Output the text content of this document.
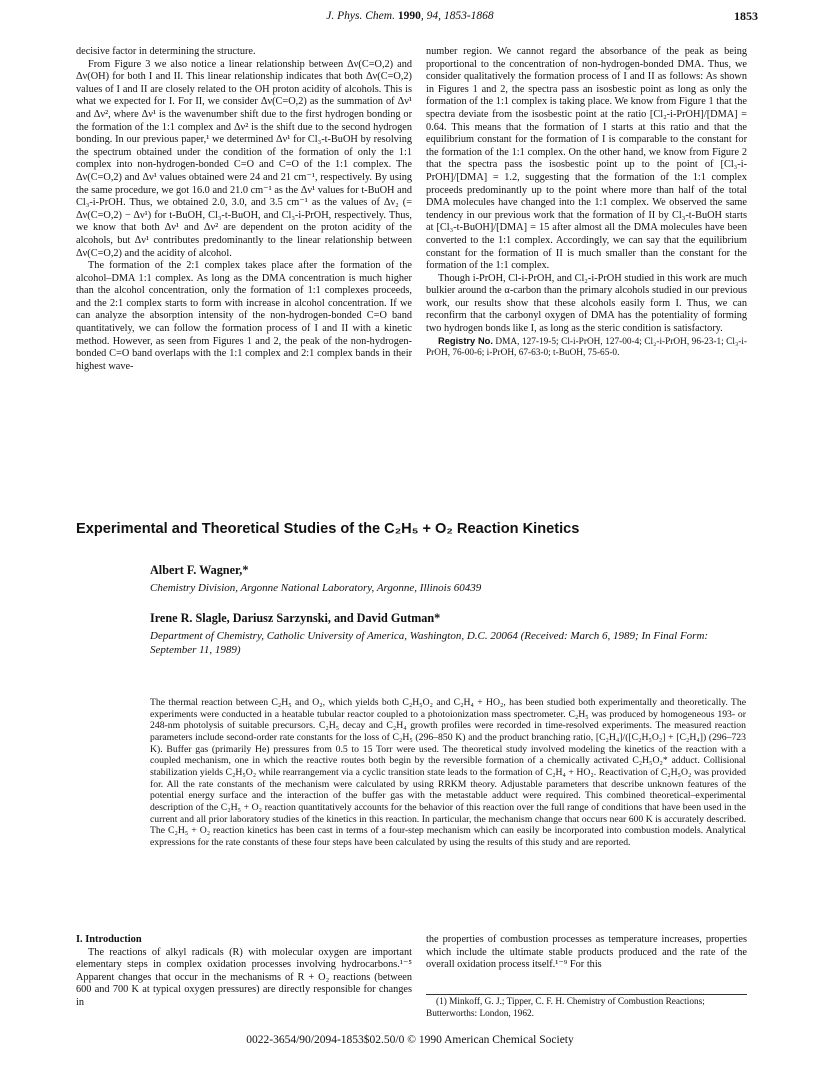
J. Phys. Chem. 1990, 94, 1853-1868	1853

decisive factor in determining the structure.

From Figure 3 we also notice a linear relationship between Δν(C=O,2) and Δν(OH) for both I and II. This linear relationship indicates that both Δν(C=O,2) values of I and II are closely related to the OH proton acidity of alcohols. This is what we expected for I. For II, we consider Δν(C=O,2) as the summation of Δν¹ and Δν², where Δν¹ is the wavenumber shift due to the first hydrogen bonding or the formation of the 1:1 complex and Δν² is the shift due to the second hydrogen bonding. In our previous paper,¹ we determined Δν¹ for Cl₃-t-BuOH by resolving the spectrum obtained under the condition of the formation of only the 1:1 complex into non-hydrogen-bonded C=O and C=O of the 1:1 complex. The Δν(C=O,2) and Δν¹ values obtained were 24 and 21 cm⁻¹, respectively. By using the same procedure, we got 16.0 and 21.0 cm⁻¹ as the Δν¹ values for t-BuOH and Cl₃-i-PrOH. Thus, we obtained 2.0, 3.0, and 3.5 cm⁻¹ as the values of Δν₂ (= Δν(C=O,2) − Δν¹) for t-BuOH, Cl₃-t-BuOH, and Cl₃-i-PrOH, respectively. Thus, we know that both Δν¹ and Δν² are dependent on the proton acidity of the alcohols, but Δν¹ contributes predominantly to the linear relationship between Δν(C=O,2) and the acidity of alcohol.

The formation of the 2:1 complex takes place after the formation of the alcohol–DMA 1:1 complex. As long as the DMA concentration is much higher than the alcohol concentration, only the formation of 1:1 complexes proceeds, and the 2:1 complex starts to form with increase in alcohol concentration. If we can analyze the absorption intensity of the non-hydrogen-bonded C=O band quantitatively, we can follow the formation process of I and II with a kinetic method. However, as seen from Figures 1 and 2, the peak of the non-hydrogen-bonded C=O band overlaps with the 1:1 complex and 2:1 complex bands in their highest wave-

number region. We cannot regard the absorbance of the peak as being proportional to the concentration of non-hydrogen-bonded DMA. Thus, we consider qualitatively the formation process of I and II as follows: As shown in Figures 1 and 2, the spectra pass an isosbestic point as long as only the formation of the 1:1 complex is taking place. We know from Figure 1 that the spectra deviate from the isosbestic point at the ratio [Cl₂-i-PrOH]/[DMA] = 0.64. This means that the formation of I starts at this ratio and that the equilibrium constant for the formation of I is comparable to the constant for the formation of the 1:1 complex. On the other hand, we know from Figure 2 that the spectra pass the isosbestic point up to the point of [Cl₃-i-PrOH]/[DMA] = 1.2, suggesting that the formation of the 1:1 complex proceeds predominantly up to the point where more than half of the total DMA molecules have changed into the 1:1 complex. We observed the same tendency in our previous work that the formation of II by Cl₃-t-BuOH starts at [Cl₃-t-BuOH]/[DMA] = 15 after almost all the DMA molecules have been converted to the 1:1 complex. Accordingly, we can say that the equilibrium constant for the formation of II is much smaller than the constant for the formation of the 1:1 complex.

Though i-PrOH, Cl-i-PrOH, and Cl₂-i-PrOH studied in this work are much bulkier around the α-carbon than the primary alcohols studied in our previous work, our results show that these alcohols easily form I. Thus, we can reconfirm that the carbonyl oxygen of DMA has the potentiality of forming two hydrogen bonds like I, as long as the steric condition is satisfactory.

Registry No. DMA, 127-19-5; Cl-i-PrOH, 127-00-4; Cl₂-i-PrOH, 96-23-1; Cl₃-i-PrOH, 76-00-6; i-PrOH, 67-63-0; t-BuOH, 75-65-0.

Experimental and Theoretical Studies of the C₂H₅ + O₂ Reaction Kinetics
Albert F. Wagner,*
Chemistry Division, Argonne National Laboratory, Argonne, Illinois 60439
Irene R. Slagle, Dariusz Sarzynski, and David Gutman*
Department of Chemistry, Catholic University of America, Washington, D.C. 20064 (Received: March 6, 1989; In Final Form: September 11, 1989)
The thermal reaction between C₂H₅ and O₂, which yields both C₂H₅O₂ and C₂H₄ + HO₂, has been studied both experimentally and theoretically. The experiments were conducted in a heatable tubular reactor coupled to a photoionization mass spectrometer. C₂H₅ was produced by homogeneous 193- or 248-nm photolysis of suitable precursors. C₂H₅ decay and C₂H₄ growth profiles were recorded in time-resolved experiments. The measured reaction parameters include second-order rate constants for the loss of C₂H₅ (296–850 K) and the product branching ratio, [C₂H₄]/([C₂H₅O₂] + [C₂H₄]) (296–723 K). Buffer gas (primarily He) pressures from 0.5 to 15 Torr were used. The theoretical study involved modeling the kinetics of the reaction with a coupled mechanism, one in which the reactive routes both begin by the reversible formation of a chemically activated C₂H₅O₂* adduct. Collisional stabilization yields C₂H₅O₂ while rearrangement via a cyclic transition state leads to the formation of C₂H₄ + HO₂. Reactivation of C₂H₅O₂ was provided for. All the rate constants of the mechanism were calculated by using RRKM theory. Adjustable parameters that describe unknown features of the potential energy surface and the interaction of the buffer gas with the metastable adduct were required. This combined theoretical–experimental description of the C₂H₅ + O₂ reaction quantitatively accounts for the behavior of this reaction over the full range of conditions that have been used in the current and all prior laboratory studies of the kinetics in this reaction. In particular, the mechanism change that occurs near 600 K is accurately described. The C₂H₅ + O₂ reaction kinetics has been cast in terms of a four-step mechanism which can easily be incorporated into combustion models. Analytical expressions for the rate constants of these four steps have been calculated by using the results of this study and are reported.

I. Introduction

The reactions of alkyl radicals (R) with molecular oxygen are important elementary steps in complex oxidation processes involving hydrocarbons.¹⁻⁵ Apparent changes that occur in the mechanisms of R + O₂ reactions (between 600 and 700 K at typical oxygen pressures) are directly responsible for changes in

the properties of combustion processes as temperature increases, properties which include the ultimate stable products produced and the rate of the overall oxidation process itself.¹⁻⁹ For this

(1) Minkoff, G. J.; Tipper, C. F. H. Chemistry of Combustion Reactions; Butterworths: London, 1962.
0022-3654/90/2094-1853$02.50/0 © 1990 American Chemical Society
